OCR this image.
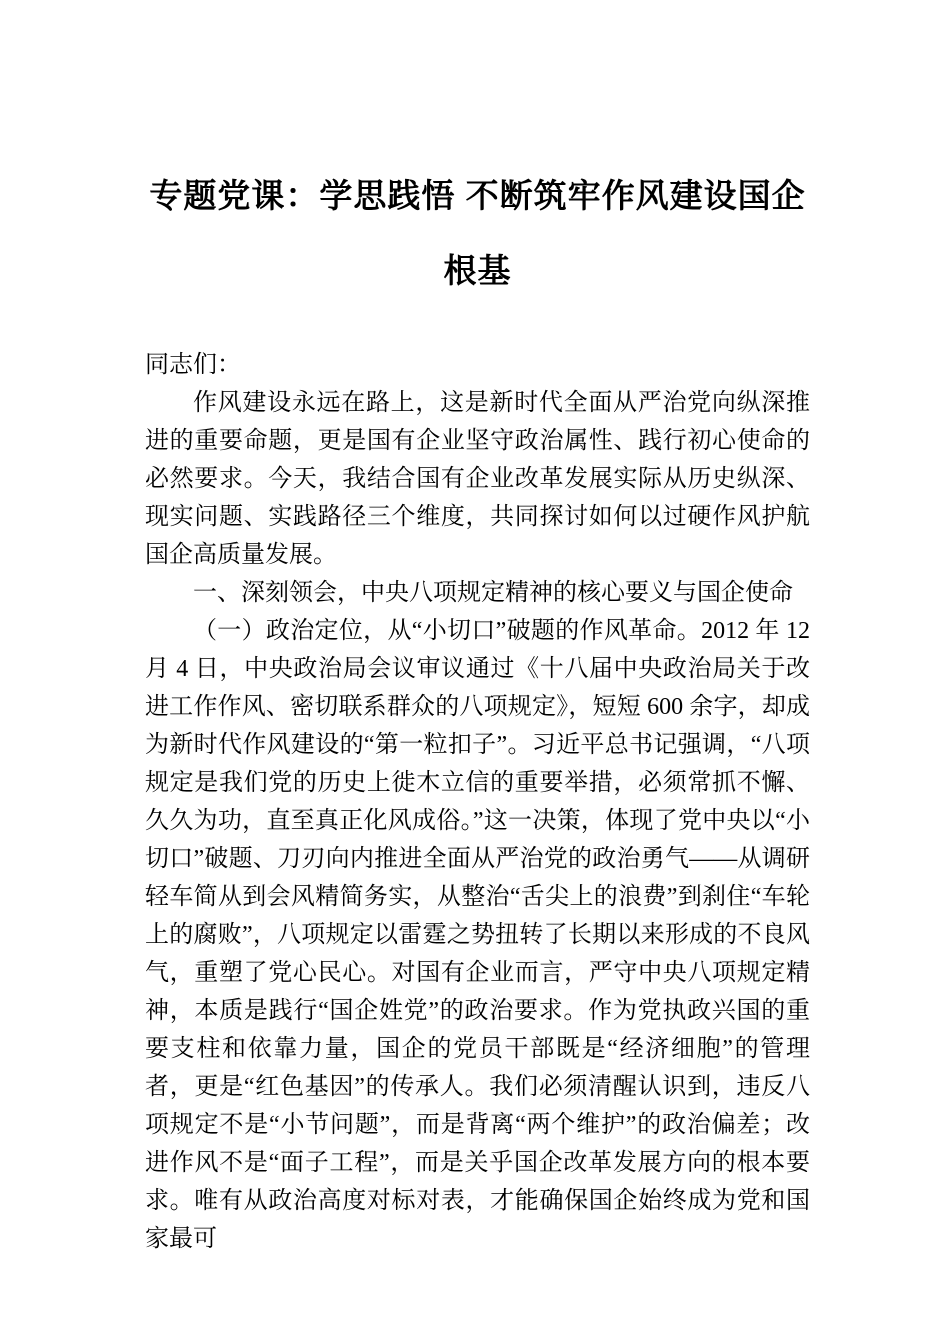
专题党课：学思践悟 不断筑牢作风建设国企根基

同志们：

作风建设永远在路上，这是新时代全面从严治党向纵深推进的重要命题，更是国有企业坚守政治属性、践行初心使命的必然要求。今天，我结合国有企业改革发展实际从历史纵深、现实问题、实践路径三个维度，共同探讨如何以过硬作风护航国企高质量发展。

一、深刻领会，中央八项规定精神的核心要义与国企使命

（一）政治定位，从“小切口”破题的作风革命。2012 年 12 月 4 日，中央政治局会议审议通过《十八届中央政治局关于改进工作作风、密切联系群众的八项规定》，短短 600 余字，却成为新时代作风建设的“第一粒扣子”。习近平总书记强调，“八项规定是我们党的历史上徙木立信的重要举措，必须常抓不懈、久久为功，直至真正化风成俗。”这一决策，体现了党中央以“小切口”破题、刀刃向内推进全面从严治党的政治勇气——从调研轻车简从到会风精简务实，从整治“舌尖上的浪费”到刹住“车轮上的腐败”，八项规定以雷霆之势扭转了长期以来形成的不良风气，重塑了党心民心。对国有企业而言，严守中央八项规定精神，本质是践行“国企姓党”的政治要求。作为党执政兴国的重要支柱和依靠力量，国企的党员干部既是“经济细胞”的管理者，更是“红色基因”的传承人。我们必须清醒认识到，违反八项规定不是“小节问题”，而是背离“两个维护”的政治偏差；改进作风不是“面子工程”，而是关乎国企改革发展方向的根本要求。唯有从政治高度对标对表，才能确保国企始终成为党和国家最可
